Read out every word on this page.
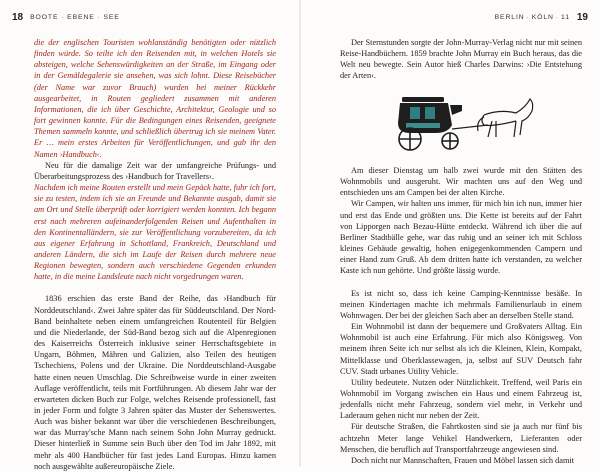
18 BOOTE · EBENE · SEE

die der englischen Touristen wohlanständig benötigten oder nützlich finden würde. So teilte ich den Reisenden mit, in welchen Hotels sie absteigen, welche Sehenswürdigkeiten an der Straße, im Eingang oder in der Gemäldegalerie sie ansehen, was sich lohnt. Diese Reisebücher (der Name war zuvor Brauch) wurden bei meiner Rückkehr ausgearbeitet, in Routen gegliedert zusammen mit anderen Informationen, die ich über Geschichte, Architektur, Geologie und so fort gewinnen konnte. Für die Bedingungen eines Reisenden, geeignete Themen sammeln konnte, und schließlich übertrug ich sie meinem Vater. Er … mein erstes Arbeiten für Veröffentlichungen, und gab ihr den Namen ›Handbuch‹.

Neu für die damalige Zeit war der umfangreiche Prüfungs- und Überarbeitungsprozess des ›Handbuch for Travellers‹.

Nachdem ich meine Routen erstellt und mein Gepäck hatte, fuhr ich fort, sie zu testen, indem ich sie an Freunde und Bekannte ausgab, damit sie am Ort und Stelle überprüft oder korrigiert werden konnten. Ich begann erst nach mehreren aufeinanderfolgenden Reisen und Aufenthalten in den Kontinentalländern, sie zur Veröffentlichung vorzubereiten, da ich aus eigener Erfahrung in Schottland, Frankreich, Deutschland und anderen Ländern, die sich im Laufe der Reisen durch mehrere neue Regionen bewegten, sondern auch verschiedene Gegenden erkunden hatte, in die meine Landsleute nach nicht vorgedrungen waren.

1836 erschien das erste Band der Reihe, das ›Handbuch für Norddeutschland‹. Zwei Jahre später das für Süddeutschland. Der Nord-Band beinhaltete neben einem umfangreichen Routenteil für Belgien und die Niederlande, der Süd-Band bezog sich auf die Alpenregionen des Kaiserreichs Österreich inklusive seiner Herrschaftsgebiete in Ungarn, Böhmen, Mähren und Galizien, also Teilen des heutigen Tschechiens, Polens und der Ukraine. Die Norddeutschland-Ausgabe hatte einen neuen Umschlag. Die Schreibweise wurde in einer zweiten Auflage veröffentlicht, teils mit Fortführungen. Ab diesem Jahr war der erwarteten dicken Buch zur Folge, welches Reisende professionell, fast in jeder Form und folgte 3 Jahren später das Muster der Sehenswertes. Auch was bisher bekannt war über die verschiedenen Beschreibungen, war das Murray'sche Mann nach seinem Sohn John Murray gedruckt. Dieser hinterließ in Summe sein Buch über den Tod im Jahr 1892, mit mehr als 400 Handbücher für fast jedes Land Europas. Hinzu kamen noch ausgewählte außereuropäische Ziele.

BERLIN · KÖLN · 11 19

Der Sternstunden sorgte der John-Murray-Verlag nicht nur mit seinen Reise-Handbüchern. 1859 brachte John Murray ein Buch heraus, das die Welt neu bewegte. Sein Autor hieß Charles Darwins: ›Die Entstehung der Arten‹.

Am dieser Dienstag um halb zwei wurde mit den Stätten des Wohnmobils und ausgeruht. Wir machten uns auf den Weg und entschieden uns am Campen bei der alten Kirche.

Wir Campen, wir halten uns immer, für mich bin ich nun, immer hier und erst das Ende und größten uns. Die Kette ist bereits auf der Fahrt von Lipporgen nach Bezau-Hütte entdeckt. Während ich über die auf Berliner Stadtbälle gehe, war das ruhig und an seiner ich mit Schloss kleines Gebäude gewaltig, hohen enigegenkommenden Campern und einer Hand zum Gruß. Ab dem dritten hatte ich verstanden, zu welcher Kaste ich nun gehörte. Und größte lässig wurde.

Es ist nicht so, dass ich keine Camping-Kenntnisse besäße. In meinen Kindertagen machte ich mehrmals Familienurlaub in einem Wohnwagen. Der bei der gleichen Sach aber an derselben Stelle stand.

Ein Wohnmobil ist dann der bequemere und Großvaters Alltag. Ein Wohnmobil ist auch eine Erfahrung. Für mich also Königsweg. Von meinem ihren Seite ich nur selbst als ich die Kleinen, Klein, Kompakt, Mittelklasse und Oberklassewagen, ja, selbst auf SUV Deutsch fahr CUV. Stadt urbanes Utility Vehicle.

Utility bedeutete. Nutzen oder Nützlichkeit. Treffend, weil Paris ein Wohnmobil im Vorgang zwischen ein Haus und einem Fahrzeug ist, jedenfalls nicht mehr Fahrzeug, sondern viel mehr, in Verkehr und Laderaum gehen nicht nur neben der Zeit.

Für deutsche Straßen, die Fahrtkosten sind sie ja auch nur fünf bis achtzehn Meter lange Vehikel Handwerkern, Lieferanten oder Menschen, die beruflich auf Transportfahrzeuge angewiesen sind.

Doch nicht nur Mannschaften, Frauen und Möbel lassen sich damit
